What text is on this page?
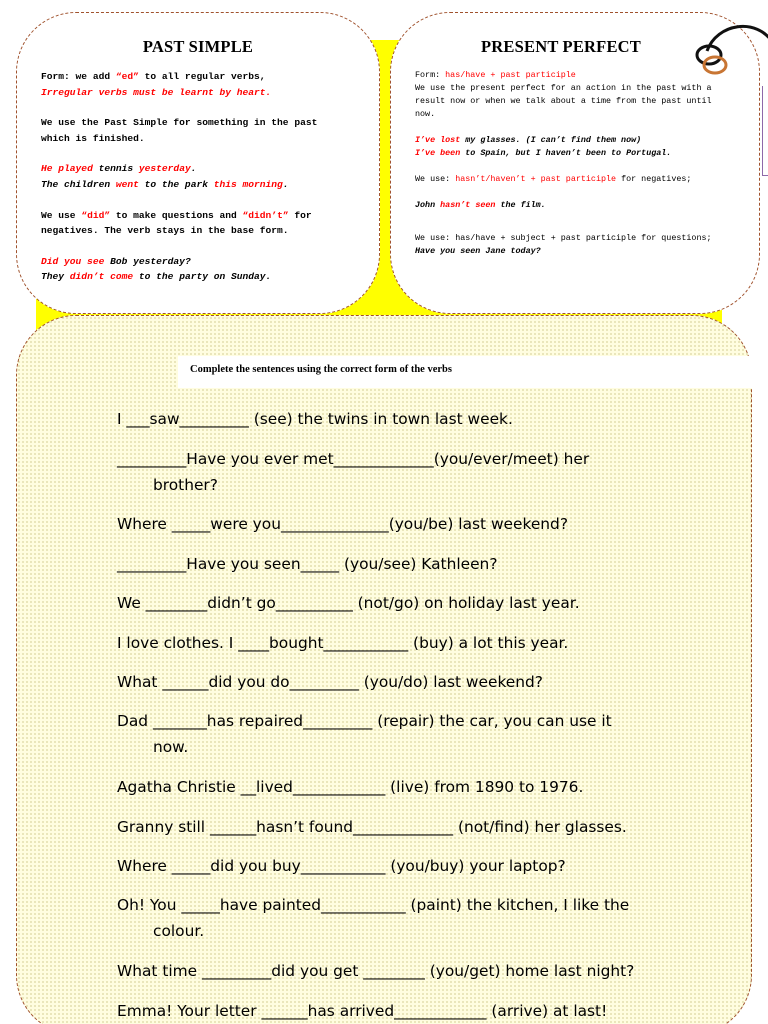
PAST SIMPLE

Form: we add “ed” to all regular verbs,
Irregular verbs must be learnt by heart.

We use the Past Simple for something in the past
which is finished.

He played tennis yesterday.
The children went to the park this morning.

We use “did” to make questions and “didn’t” for
negatives. The verb stays in the base form.

Did you see Bob yesterday?
They didn’t come to the party on Sunday.

PRESENT PERFECT

Form: has/have + past participle

We use the present perfect for an action in the past with a result now or when we talk about a time from the past until now.

I’ve lost my glasses. (I can’t find them now)
I’ve been to Spain, but I haven’t been to Portugal.

We use: hasn’t/haven’t + past participle for negatives;

John hasn’t seen the film.

We use: has/have + subject + past participle for questions;
Have you seen Jane today?

Complete the sentences using the correct form of the verbs
I ___saw_________ (see) the twins in town last week.
_________Have you ever met_____________(you/ever/meet) her
brother?
Where _____were you______________(you/be) last weekend?
_________Have you seen_____ (you/see) Kathleen?
We ________didn’t go__________ (not/go) on holiday last year.
I love clothes. I ____bought___________ (buy) a lot this year.
What ______did you do_________ (you/do) last weekend?
Dad _______has repaired_________ (repair) the car, you can use it
now.
Agatha Christie __lived____________ (live) from 1890 to 1976.
Granny still ______hasn’t found_____________ (not/find) her glasses.
Where _____did you buy___________ (you/buy) your laptop?
Oh! You _____have painted___________ (paint) the kitchen, I like the
colour.
What time _________did you get ________ (you/get) home last night?
Emma! Your letter ______has arrived____________ (arrive) at last!
